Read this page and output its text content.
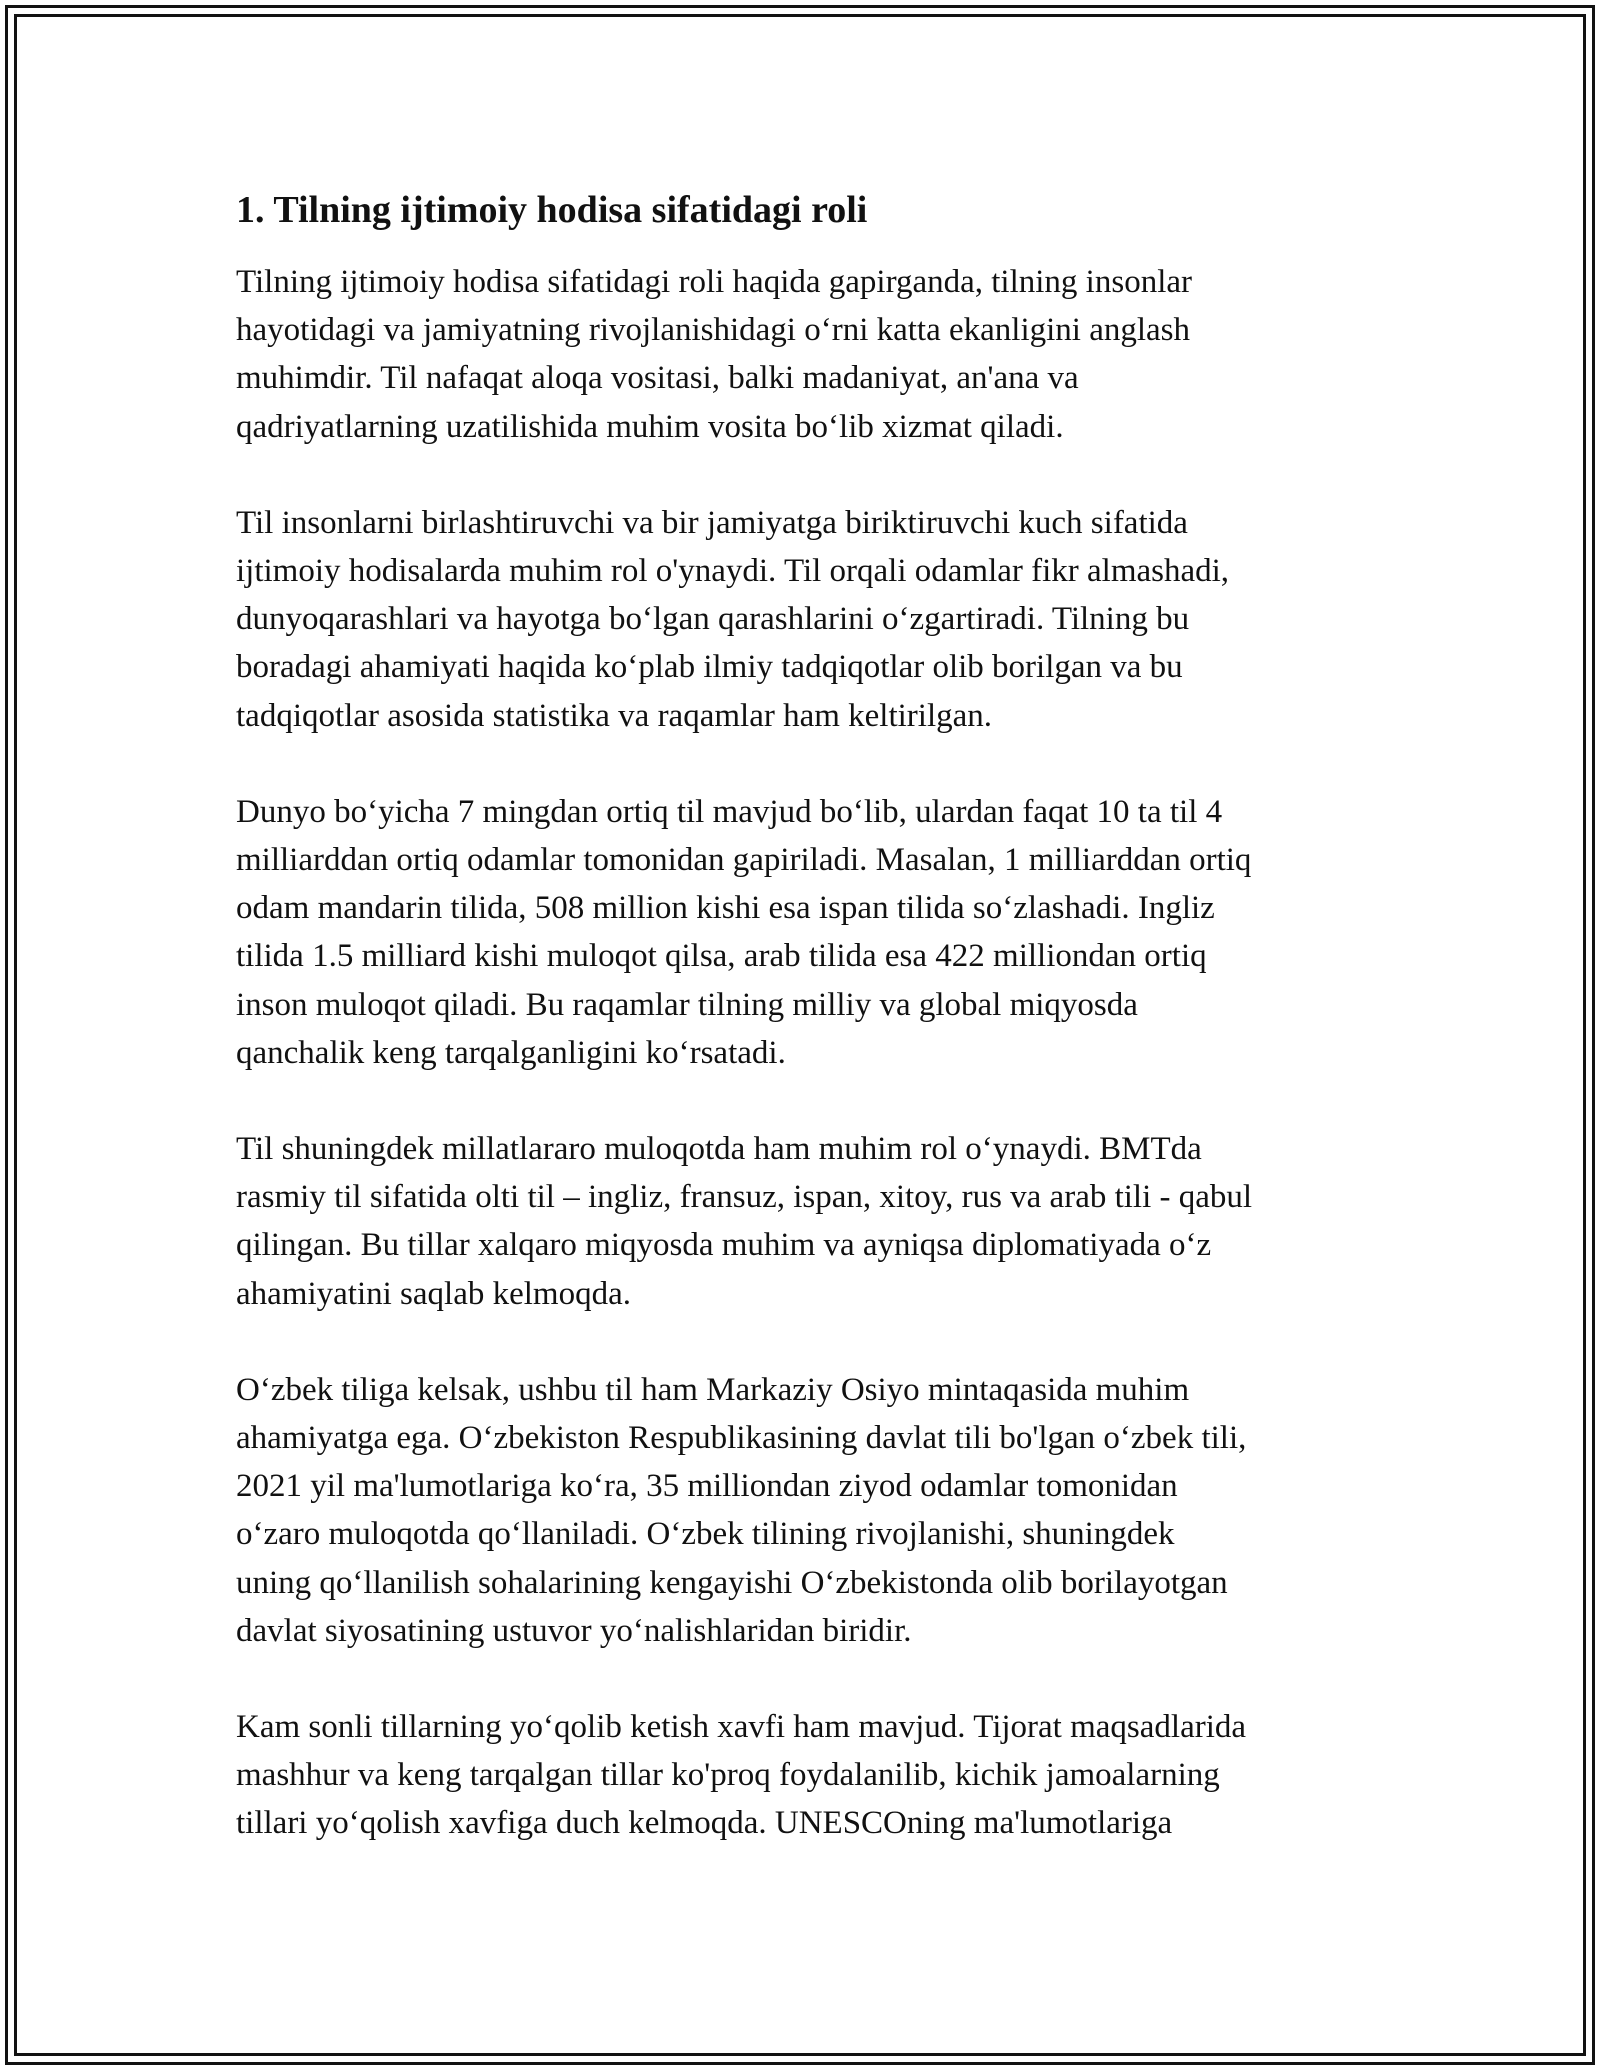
1. Tilning ijtimoiy hodisa sifatidagi roli

Tilning ijtimoiy hodisa sifatidagi roli haqida gapirganda, tilning insonlar
hayotidagi va jamiyatning rivojlanishidagi o‘rni katta ekanligini anglash
muhimdir. Til nafaqat aloqa vositasi, balki madaniyat, an'ana va
qadriyatlarning uzatilishida muhim vosita bo‘lib xizmat qiladi.

Til insonlarni birlashtiruvchi va bir jamiyatga biriktiruvchi kuch sifatida
ijtimoiy hodisalarda muhim rol o'ynaydi. Til orqali odamlar fikr almashadi,
dunyoqarashlari va hayotga bo‘lgan qarashlarini o‘zgartiradi. Tilning bu
boradagi ahamiyati haqida ko‘plab ilmiy tadqiqotlar olib borilgan va bu
tadqiqotlar asosida statistika va raqamlar ham keltirilgan.

Dunyo bo‘yicha 7 mingdan ortiq til mavjud bo‘lib, ulardan faqat 10 ta til 4
milliarddan ortiq odamlar tomonidan gapiriladi. Masalan, 1 milliarddan ortiq
odam mandarin tilida, 508 million kishi esa ispan tilida so‘zlashadi. Ingliz
tilida 1.5 milliard kishi muloqot qilsa, arab tilida esa 422 milliondan ortiq
inson muloqot qiladi. Bu raqamlar tilning milliy va global miqyosda
qanchalik keng tarqalganligini ko‘rsatadi.

Til shuningdek millatlararo muloqotda ham muhim rol o‘ynaydi. BMTda
rasmiy til sifatida olti til – ingliz, fransuz, ispan, xitoy, rus va arab tili - qabul
qilingan. Bu tillar xalqaro miqyosda muhim va ayniqsa diplomatiyada o‘z
ahamiyatini saqlab kelmoqda.

O‘zbek tiliga kelsak, ushbu til ham Markaziy Osiyo mintaqasida muhim
ahamiyatga ega. O‘zbekiston Respublikasining davlat tili bo'lgan o‘zbek tili,
2021 yil ma'lumotlariga ko‘ra, 35 milliondan ziyod odamlar tomonidan
o‘zaro muloqotda qo‘llaniladi. O‘zbek tilining rivojlanishi, shuningdek
uning qo‘llanilish sohalarining kengayishi O‘zbekistonda olib borilayotgan
davlat siyosatining ustuvor yo‘nalishlaridan biridir.

Kam sonli tillarning yo‘qolib ketish xavfi ham mavjud. Tijorat maqsadlarida
mashhur va keng tarqalgan tillar ko'proq foydalanilib, kichik jamoalarning
tillari yo‘qolish xavfiga duch kelmoqda. UNESCOning ma'lumotlariga
